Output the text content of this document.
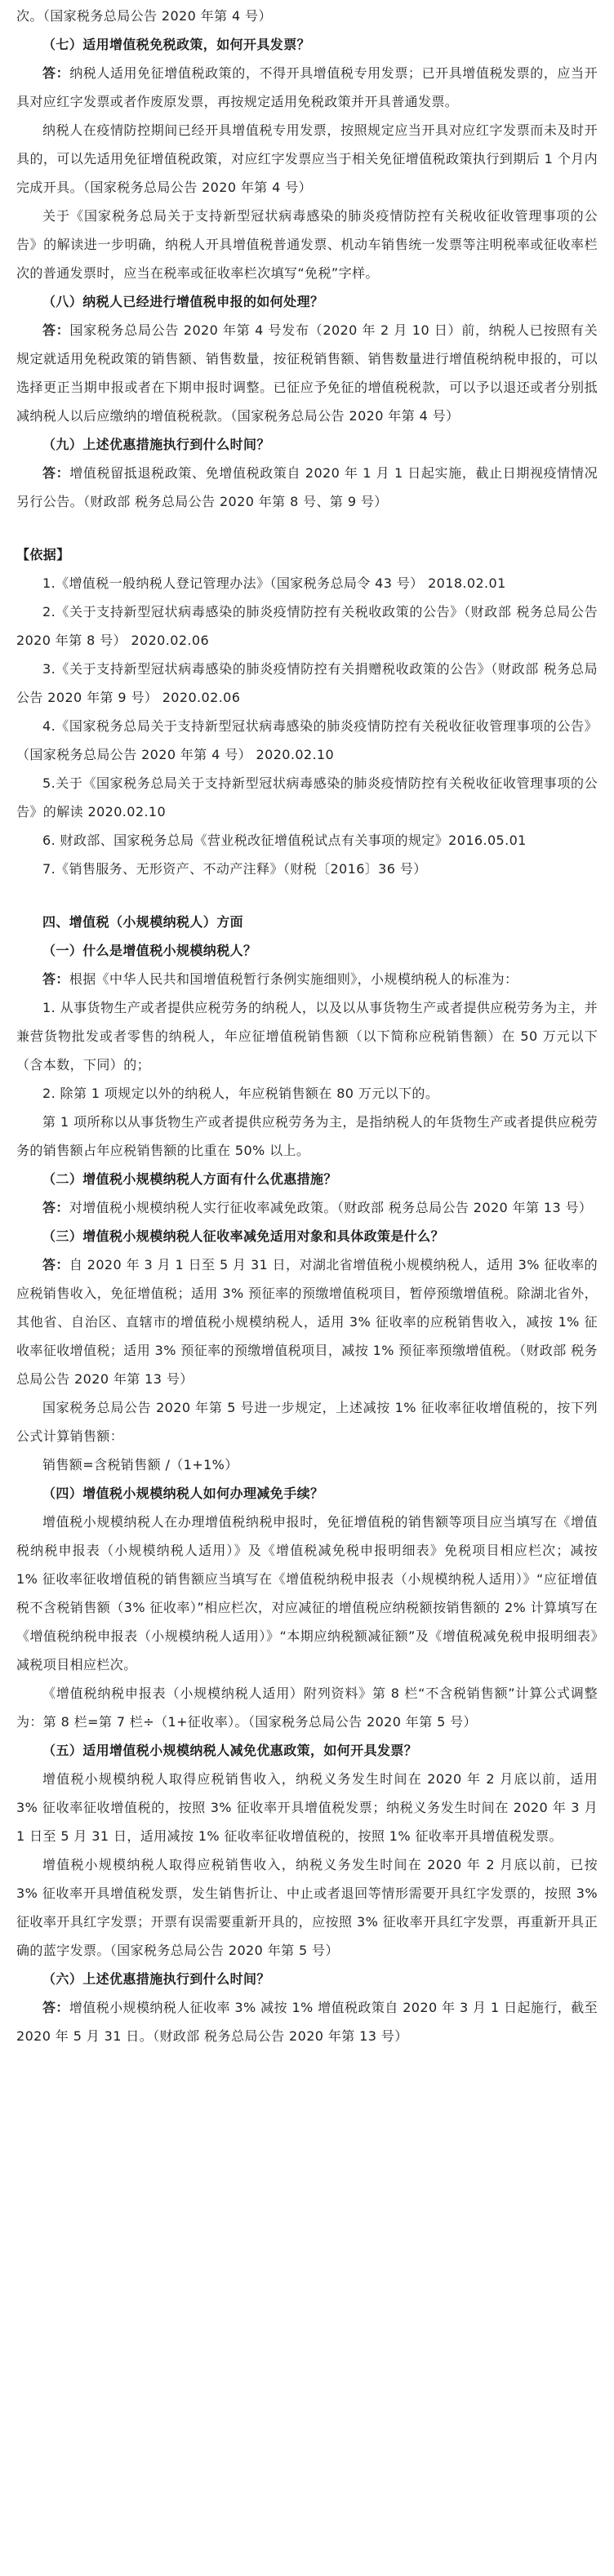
次。（国家税务总局公告 2020 年第 4 号）

（七）适用增值税免税政策，如何开具发票？

答：纳税人适用免征增值税政策的，不得开具增值税专用发票；已开具增值税发票的，应当开具对应红字发票或者作废原发票，再按规定适用免税政策并开具普通发票。

纳税人在疫情防控期间已经开具增值税专用发票，按照规定应当开具对应红字发票而未及时开具的，可以先适用免征增值税政策，对应红字发票应当于相关免征增值税政策执行到期后 1 个月内完成开具。（国家税务总局公告 2020 年第 4 号）

关于《国家税务总局关于支持新型冠状病毒感染的肺炎疫情防控有关税收征收管理事项的公告》的解读进一步明确，纳税人开具增值税普通发票、机动车销售统一发票等注明税率或征收率栏次的普通发票时，应当在税率或征收率栏次填写“免税”字样。

（八）纳税人已经进行增值税申报的如何处理？

答：国家税务总局公告 2020 年第 4 号发布（2020 年 2 月 10 日）前，纳税人已按照有关规定就适用免税政策的销售额、销售数量，按征税销售额、销售数量进行增值税纳税申报的，可以选择更正当期申报或者在下期申报时调整。已征应予免征的增值税税款，可以予以退还或者分别抵减纳税人以后应缴纳的增值税税款。（国家税务总局公告 2020 年第 4 号）

（九）上述优惠措施执行到什么时间？

答：增值税留抵退税政策、免增值税政策自 2020 年 1 月 1 日起实施，截止日期视疫情情况另行公告。（财政部 税务总局公告 2020 年第 8 号、第 9 号）

【依据】

1.《增值税一般纳税人登记管理办法》（国家税务总局令 43 号） 2018.02.01

2.《关于支持新型冠状病毒感染的肺炎疫情防控有关税收政策的公告》（财政部 税务总局公告 2020 年第 8 号） 2020.02.06

3.《关于支持新型冠状病毒感染的肺炎疫情防控有关捐赠税收政策的公告》（财政部 税务总局公告 2020 年第 9 号） 2020.02.06

4.《国家税务总局关于支持新型冠状病毒感染的肺炎疫情防控有关税收征收管理事项的公告》（国家税务总局公告 2020 年第 4 号） 2020.02.10

5.关于《国家税务总局关于支持新型冠状病毒感染的肺炎疫情防控有关税收征收管理事项的公告》的解读 2020.02.10

6. 财政部、国家税务总局《营业税改征增值税试点有关事项的规定》2016.05.01

7.《销售服务、无形资产、不动产注释》（财税〔2016〕36 号）

四、增值税（小规模纳税人）方面

（一）什么是增值税小规模纳税人？

答：根据《中华人民共和国增值税暂行条例实施细则》，小规模纳税人的标准为：

1. 从事货物生产或者提供应税劳务的纳税人，以及以从事货物生产或者提供应税劳务为主，并兼营货物批发或者零售的纳税人，年应征增值税销售额（以下简称应税销售额）在 50 万元以下（含本数，下同）的；

2. 除第 1 项规定以外的纳税人，年应税销售额在 80 万元以下的。

第 1 项所称以从事货物生产或者提供应税劳务为主，是指纳税人的年货物生产或者提供应税劳务的销售额占年应税销售额的比重在 50% 以上。

（二）增值税小规模纳税人方面有什么优惠措施？

答：对增值税小规模纳税人实行征收率减免政策。（财政部 税务总局公告 2020 年第 13 号）

（三）增值税小规模纳税人征收率减免适用对象和具体政策是什么？

答：自 2020 年 3 月 1 日至 5 月 31 日，对湖北省增值税小规模纳税人，适用 3% 征收率的应税销售收入，免征增值税；适用 3% 预征率的预缴增值税项目，暂停预缴增值税。除湖北省外，其他省、自治区、直辖市的增值税小规模纳税人，适用 3% 征收率的应税销售收入，减按 1% 征收率征收增值税；适用 3% 预征率的预缴增值税项目，减按 1% 预征率预缴增值税。（财政部 税务总局公告 2020 年第 13 号）

国家税务总局公告 2020 年第 5 号进一步规定，上述减按 1% 征收率征收增值税的，按下列公式计算销售额：

销售额=含税销售额 /（1+1%）

（四）增值税小规模纳税人如何办理减免手续？

增值税小规模纳税人在办理增值税纳税申报时，免征增值税的销售额等项目应当填写在《增值税纳税申报表（小规模纳税人适用）》及《增值税减免税申报明细表》免税项目相应栏次；减按 1% 征收率征收增值税的销售额应当填写在《增值税纳税申报表（小规模纳税人适用）》“应征增值税不含税销售额（3% 征收率）”相应栏次，对应减征的增值税应纳税额按销售额的 2% 计算填写在《增值税纳税申报表（小规模纳税人适用）》“本期应纳税额减征额”及《增值税减免税申报明细表》减税项目相应栏次。

《增值税纳税申报表（小规模纳税人适用）附列资料》第 8 栏“不含税销售额”计算公式调整为：第 8 栏=第 7 栏÷（1+征收率）。（国家税务总局公告 2020 年第 5 号）

（五）适用增值税小规模纳税人减免优惠政策，如何开具发票？

增值税小规模纳税人取得应税销售收入，纳税义务发生时间在 2020 年 2 月底以前，适用 3% 征收率征收增值税的，按照 3% 征收率开具增值税发票；纳税义务发生时间在 2020 年 3 月 1 日至 5 月 31 日，适用减按 1% 征收率征收增值税的，按照 1% 征收率开具增值税发票。

增值税小规模纳税人取得应税销售收入，纳税义务发生时间在 2020 年 2 月底以前，已按 3% 征收率开具增值税发票，发生销售折让、中止或者退回等情形需要开具红字发票的，按照 3% 征收率开具红字发票；开票有误需要重新开具的，应按照 3% 征收率开具红字发票，再重新开具正确的蓝字发票。（国家税务总局公告 2020 年第 5 号）

（六）上述优惠措施执行到什么时间？

答：增值税小规模纳税人征收率 3% 减按 1% 增值税政策自 2020 年 3 月 1 日起施行，截至 2020 年 5 月 31 日。（财政部 税务总局公告 2020 年第 13 号）
